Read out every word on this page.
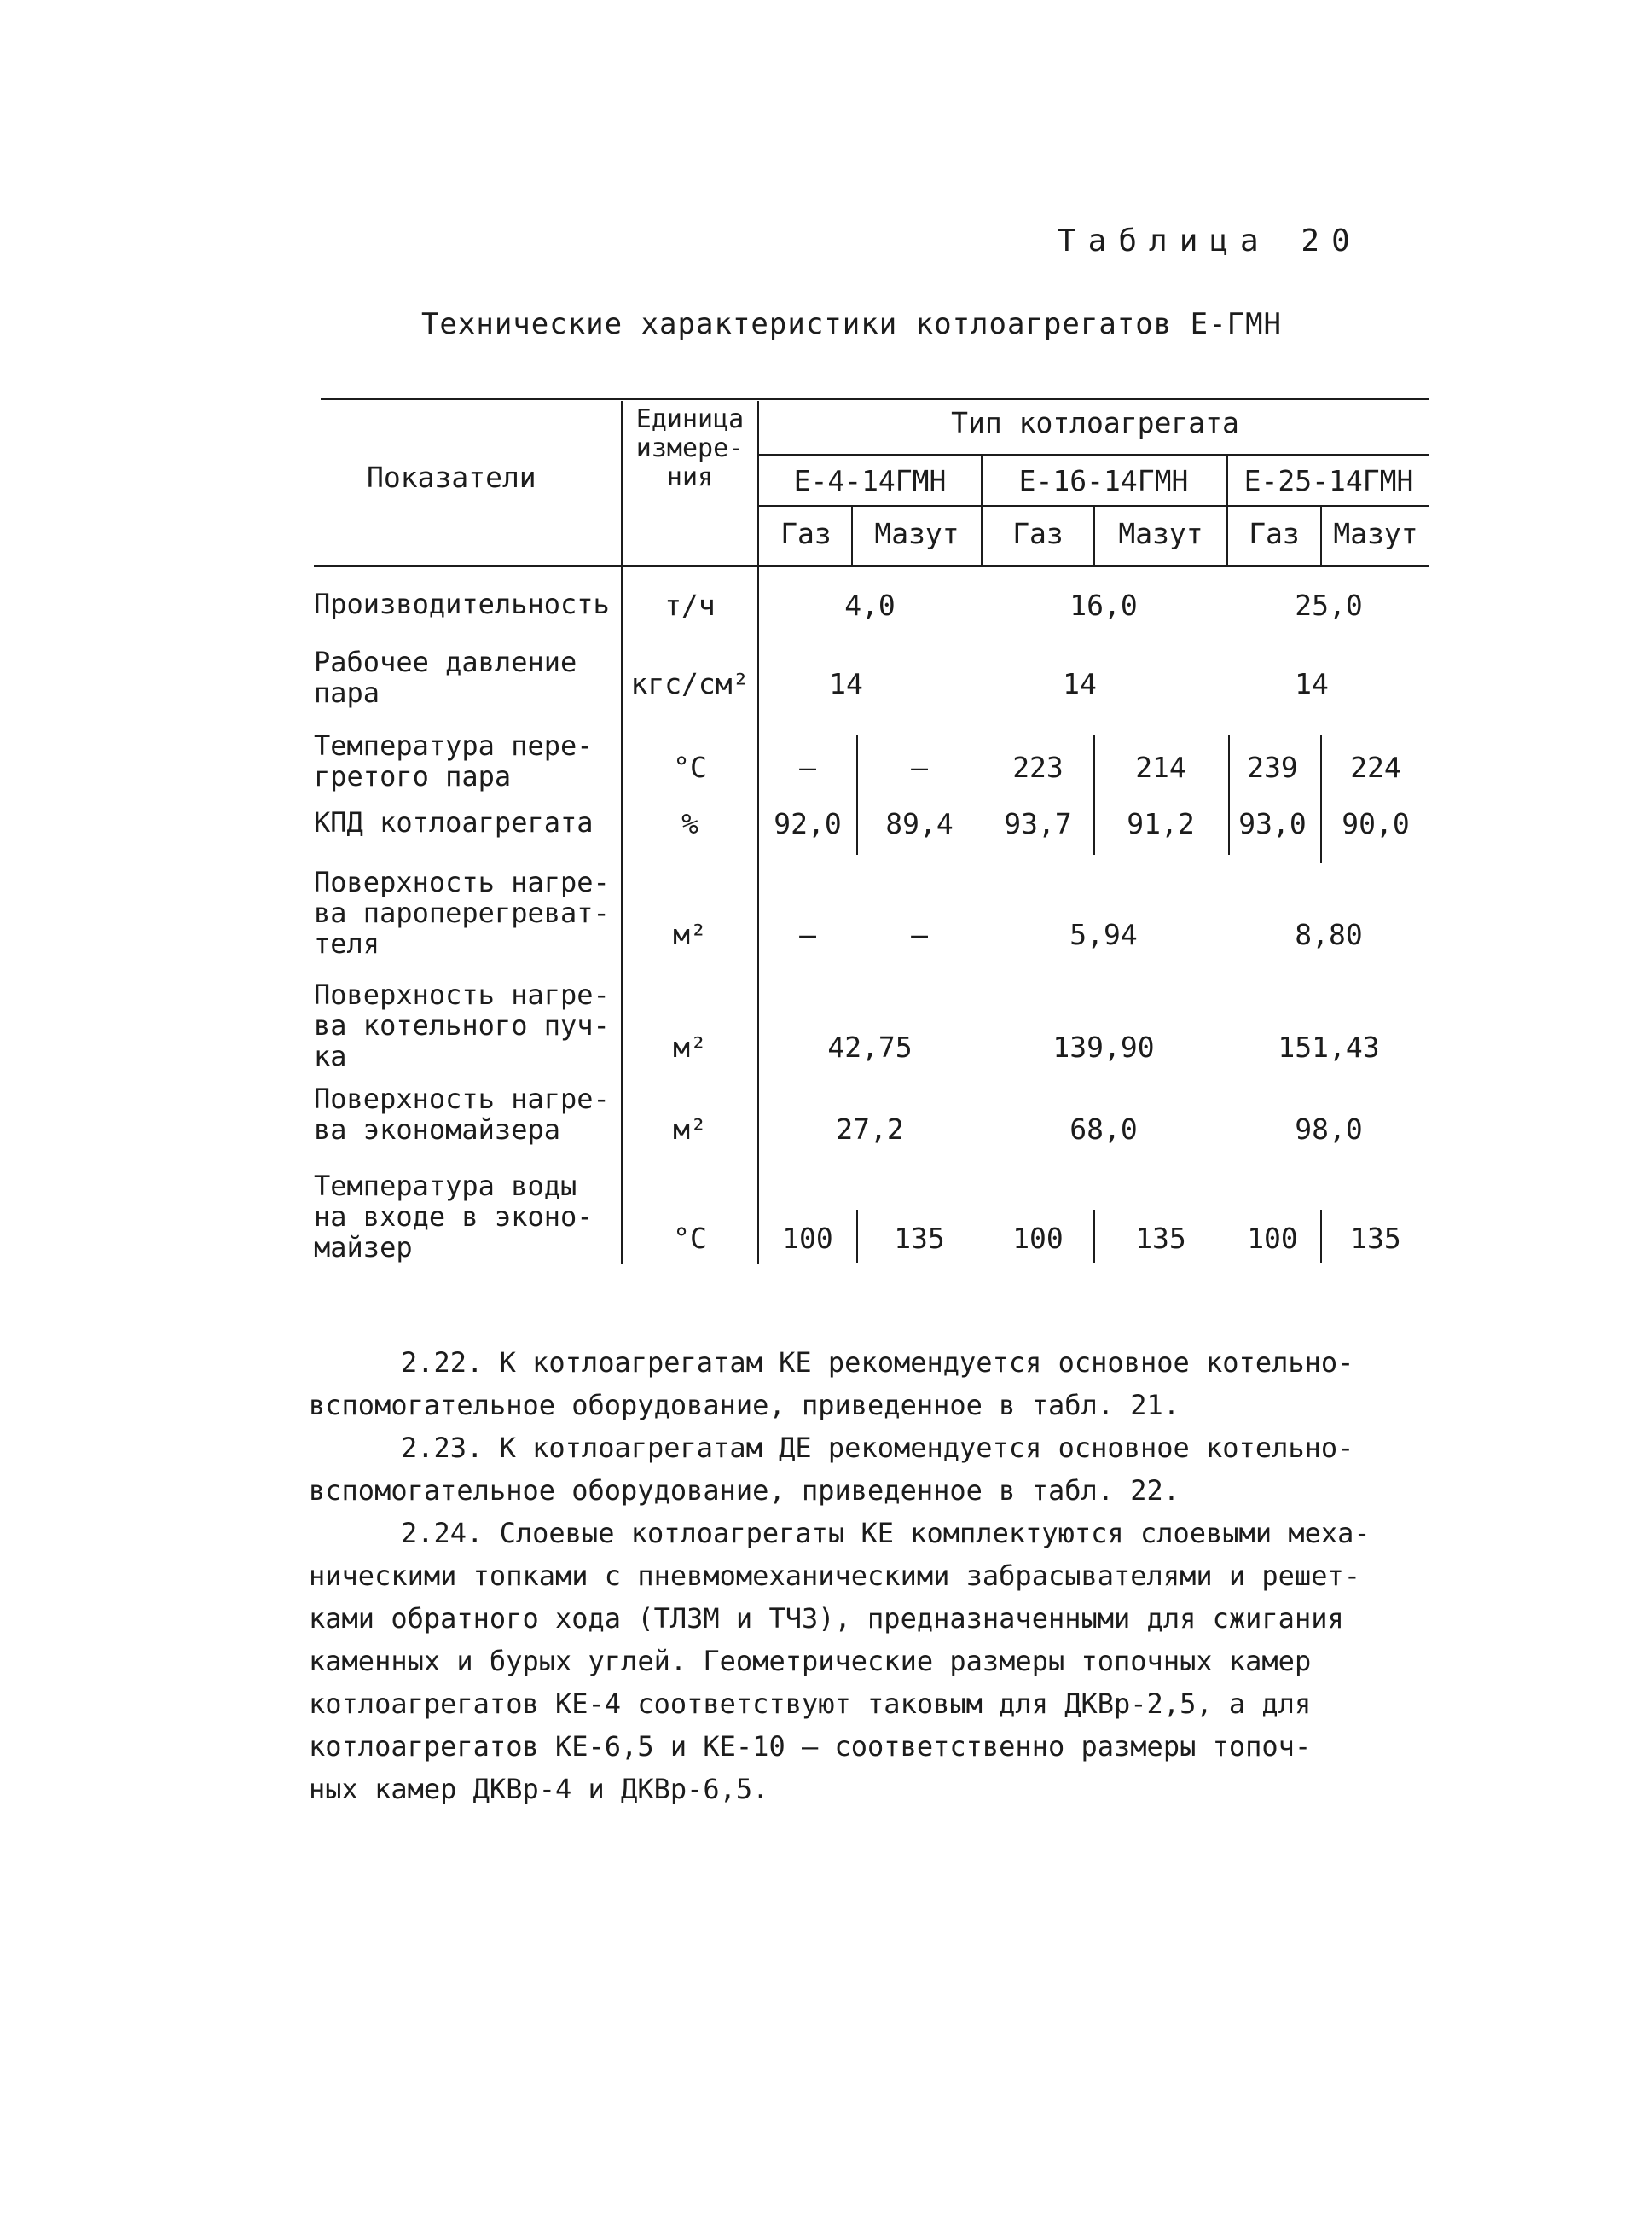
Таблица 20
Технические характеристики котлоагрегатов Е-ГМН
Показатели
Единица
измере-
ния
Тип котлоагрегата
Е-4-14ГМН	Е-16-14ГМН	Е-25-14ГМН
Газ	Мазут	Газ	Мазут	Газ	Мазут
Производительность	т/ч	4,0	16,0	25,0
Рабочее давление
пара	кгс/см²	14	14	14
Температура пере-
гретого пара	°С	–	–	223	214	239	224
КПД котлоагрегата	%	92,0	89,4	93,7	91,2	93,0	90,0
Поверхность нагре-
ва пароперегреват-
теля	м²	–	–	5,94	8,80
Поверхность нагре-
ва котельного пуч-
ка	м²	42,75	139,90	151,43
Поверхность нагре-
ва экономайзера	м²	27,2	68,0	98,0
Температура воды
на входе в эконо-
майзер	°С	100	135	100	135	100	135

2.22. К котлоагрегатам КЕ рекомендуется основное котельно-

вспомогательное оборудование, приведенное в табл. 21.

2.23. К котлоагрегатам ДЕ рекомендуется основное котельно-

вспомогательное оборудование, приведенное в табл. 22.

2.24. Слоевые котлоагрегаты КЕ комплектуются слоевыми меха-

ническими топками с пневмомеханическими забрасывателями и решет-

ками обратного хода (ТЛЗМ и ТЧЗ), предназначенными для сжигания

каменных и бурых углей. Геометрические размеры топочных камер

котлоагрегатов КЕ-4 соответствуют таковым для ДКВр-2,5, а для

котлоагрегатов КЕ-6,5 и КЕ-10 – соответственно размеры топоч-

ных камер ДКВр-4 и ДКВр-6,5.
